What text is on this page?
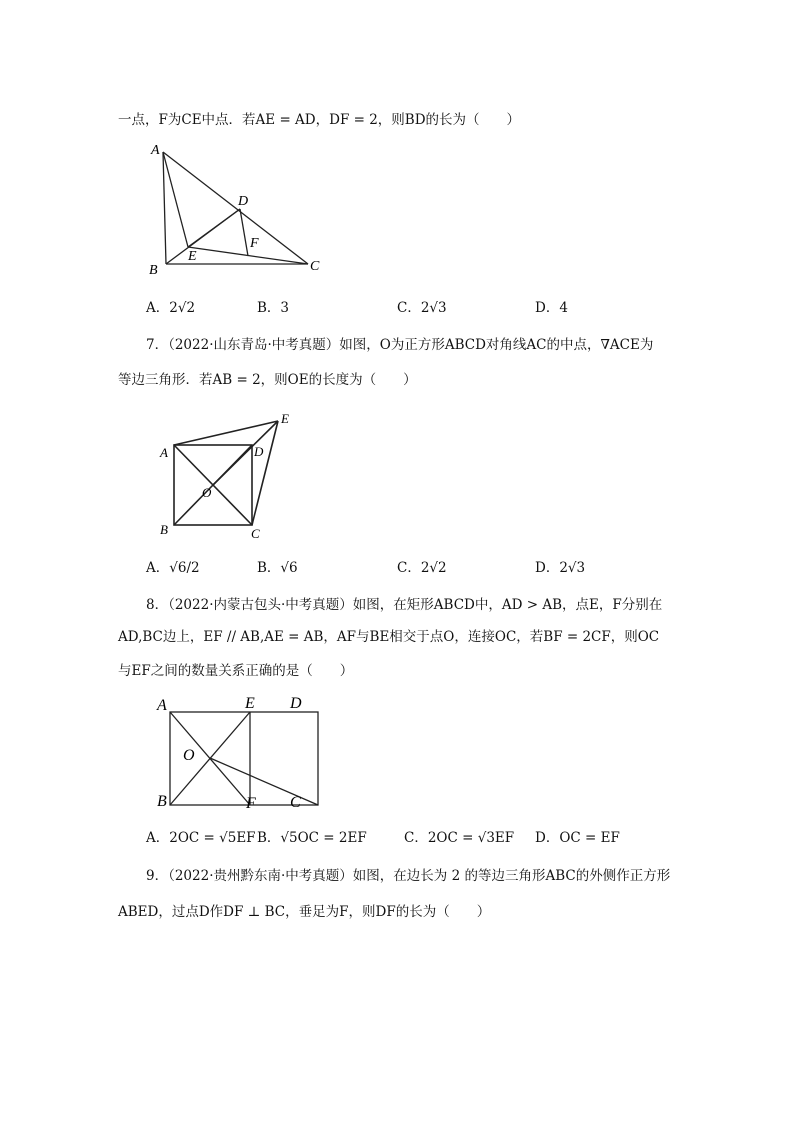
一点，F为CE中点．若AE = AD，DF = 2，则BD的长为（　　）
A
B	C
D
E
F
A．2√2	B．3	C．2√3	D．4
7．（2022·山东青岛·中考真题）如图，O为正方形ABCD对角线AC的中点，∇ACE为
等边三角形．若AB = 2，则OE的长度为（　　）
A
B	C
D
E
O
A．√6/2	B．√6	C．2√2	D．2√3
8．（2022·内蒙古包头·中考真题）如图，在矩形ABCD中，AD > AB，点E，F分别在
AD,BC边上，EF // AB,AE = AB，AF与BE相交于点O，连接OC，若BF = 2CF，则OC
与EF之间的数量关系正确的是（　　）
A
B	C
D
E
F
O
A．2OC = √5EF B．√5OC = 2EF	C．2OC = √3EF D．OC = EF
9．（2022·贵州黔东南·中考真题）如图，在边长为 2 的等边三角形ABC的外侧作正方形
ABED，过点D作DF ⊥ BC，垂足为F，则DF的长为（　　）
